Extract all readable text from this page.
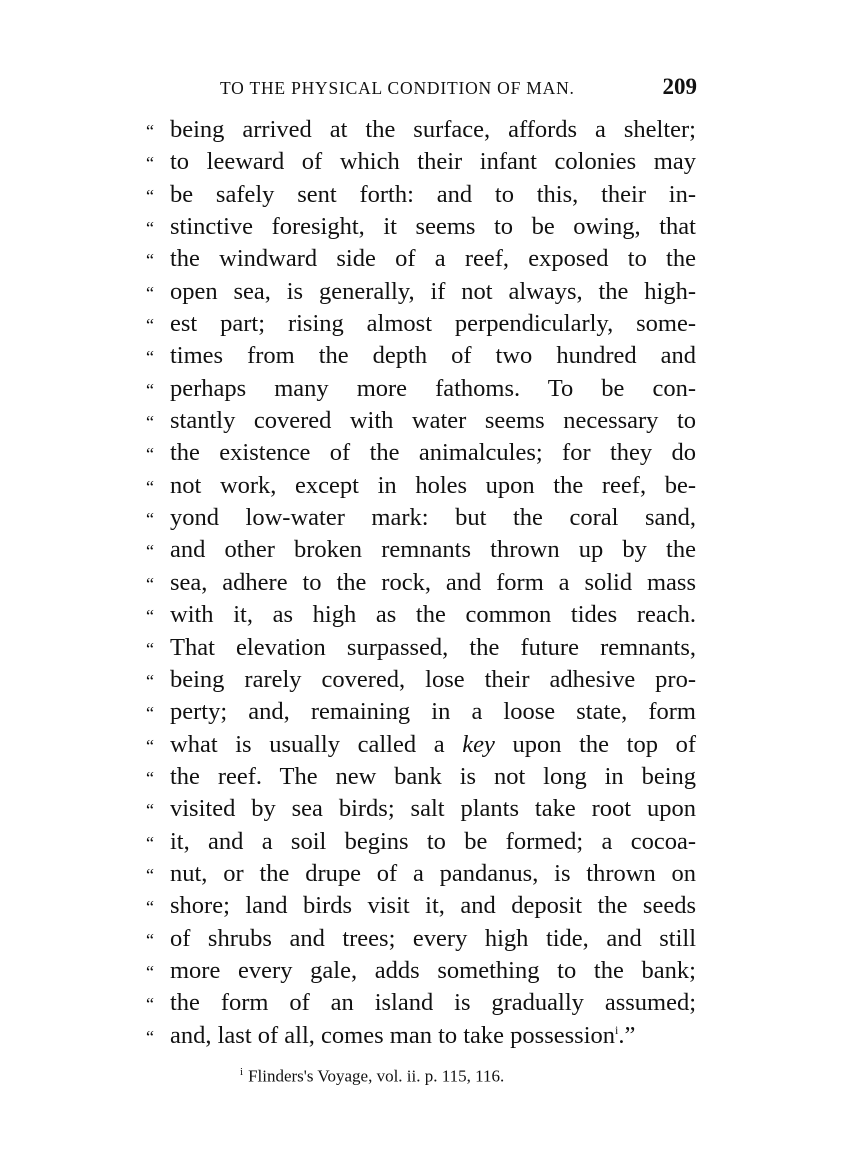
TO THE PHYSICAL CONDITION OF MAN.	209
“ being arrived at the surface, affords a shelter;
“ to leeward of which their infant colonies may
“ be safely sent forth: and to this, their in-
“ stinctive foresight, it seems to be owing, that
“ the windward side of a reef, exposed to the
“ open sea, is generally, if not always, the high-
“ est part; rising almost perpendicularly, some-
“ times from the depth of two hundred and
“ perhaps many more fathoms. To be con-
“ stantly covered with water seems necessary to
“ the existence of the animalcules; for they do
“ not work, except in holes upon the reef, be-
“ yond low-water mark: but the coral sand,
“ and other broken remnants thrown up by the
“ sea, adhere to the rock, and form a solid mass
“ with it, as high as the common tides reach.
“ That elevation surpassed, the future remnants,
“ being rarely covered, lose their adhesive pro-
“ perty; and, remaining in a loose state, form
“ what is usually called a key upon the top of
“ the reef. The new bank is not long in being
“ visited by sea birds; salt plants take root upon
“ it, and a soil begins to be formed; a cocoa-
“ nut, or the drupe of a pandanus, is thrown on
“ shore; land birds visit it, and deposit the seeds
“ of shrubs and trees; every high tide, and still
“ more every gale, adds something to the bank;
“ the form of an island is gradually assumed;
“ and, last of all, comes man to take possession$^i$.”
$^i$ Flinders's Voyage, vol. ii. p. 115, 116.
